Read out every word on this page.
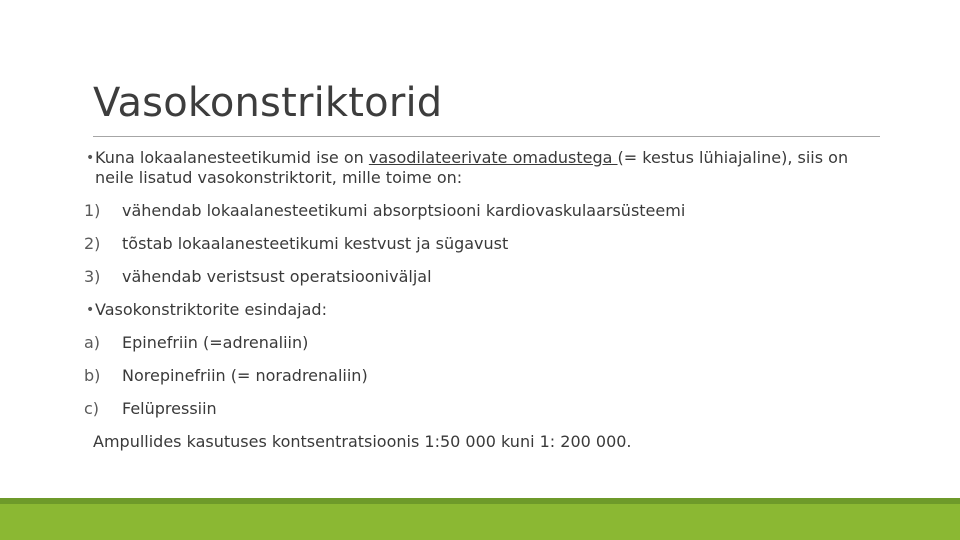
Vasokonstriktorid
• Kuna lokaalanesteetikumid ise on vasodilateerivate omadustega (= kestus lühiajaline), siis on
neile lisatud vasokonstriktorit, mille toime on:
1)	vähendab lokaalanesteetikumi absorptsiooni kardiovaskulaarsüsteemi
2)	tõstab lokaalanesteetikumi kestvust ja sügavust
3)	vähendab veristsust operatsiooniväljal
• Vasokonstriktorite esindajad:
a)	Epinefriin (=adrenaliin)
b)	Norepinefriin (= noradrenaliin)
c)	Felüpressiin
Ampullides kasutuses kontsentratsioonis 1:50 000 kuni 1: 200 000.
